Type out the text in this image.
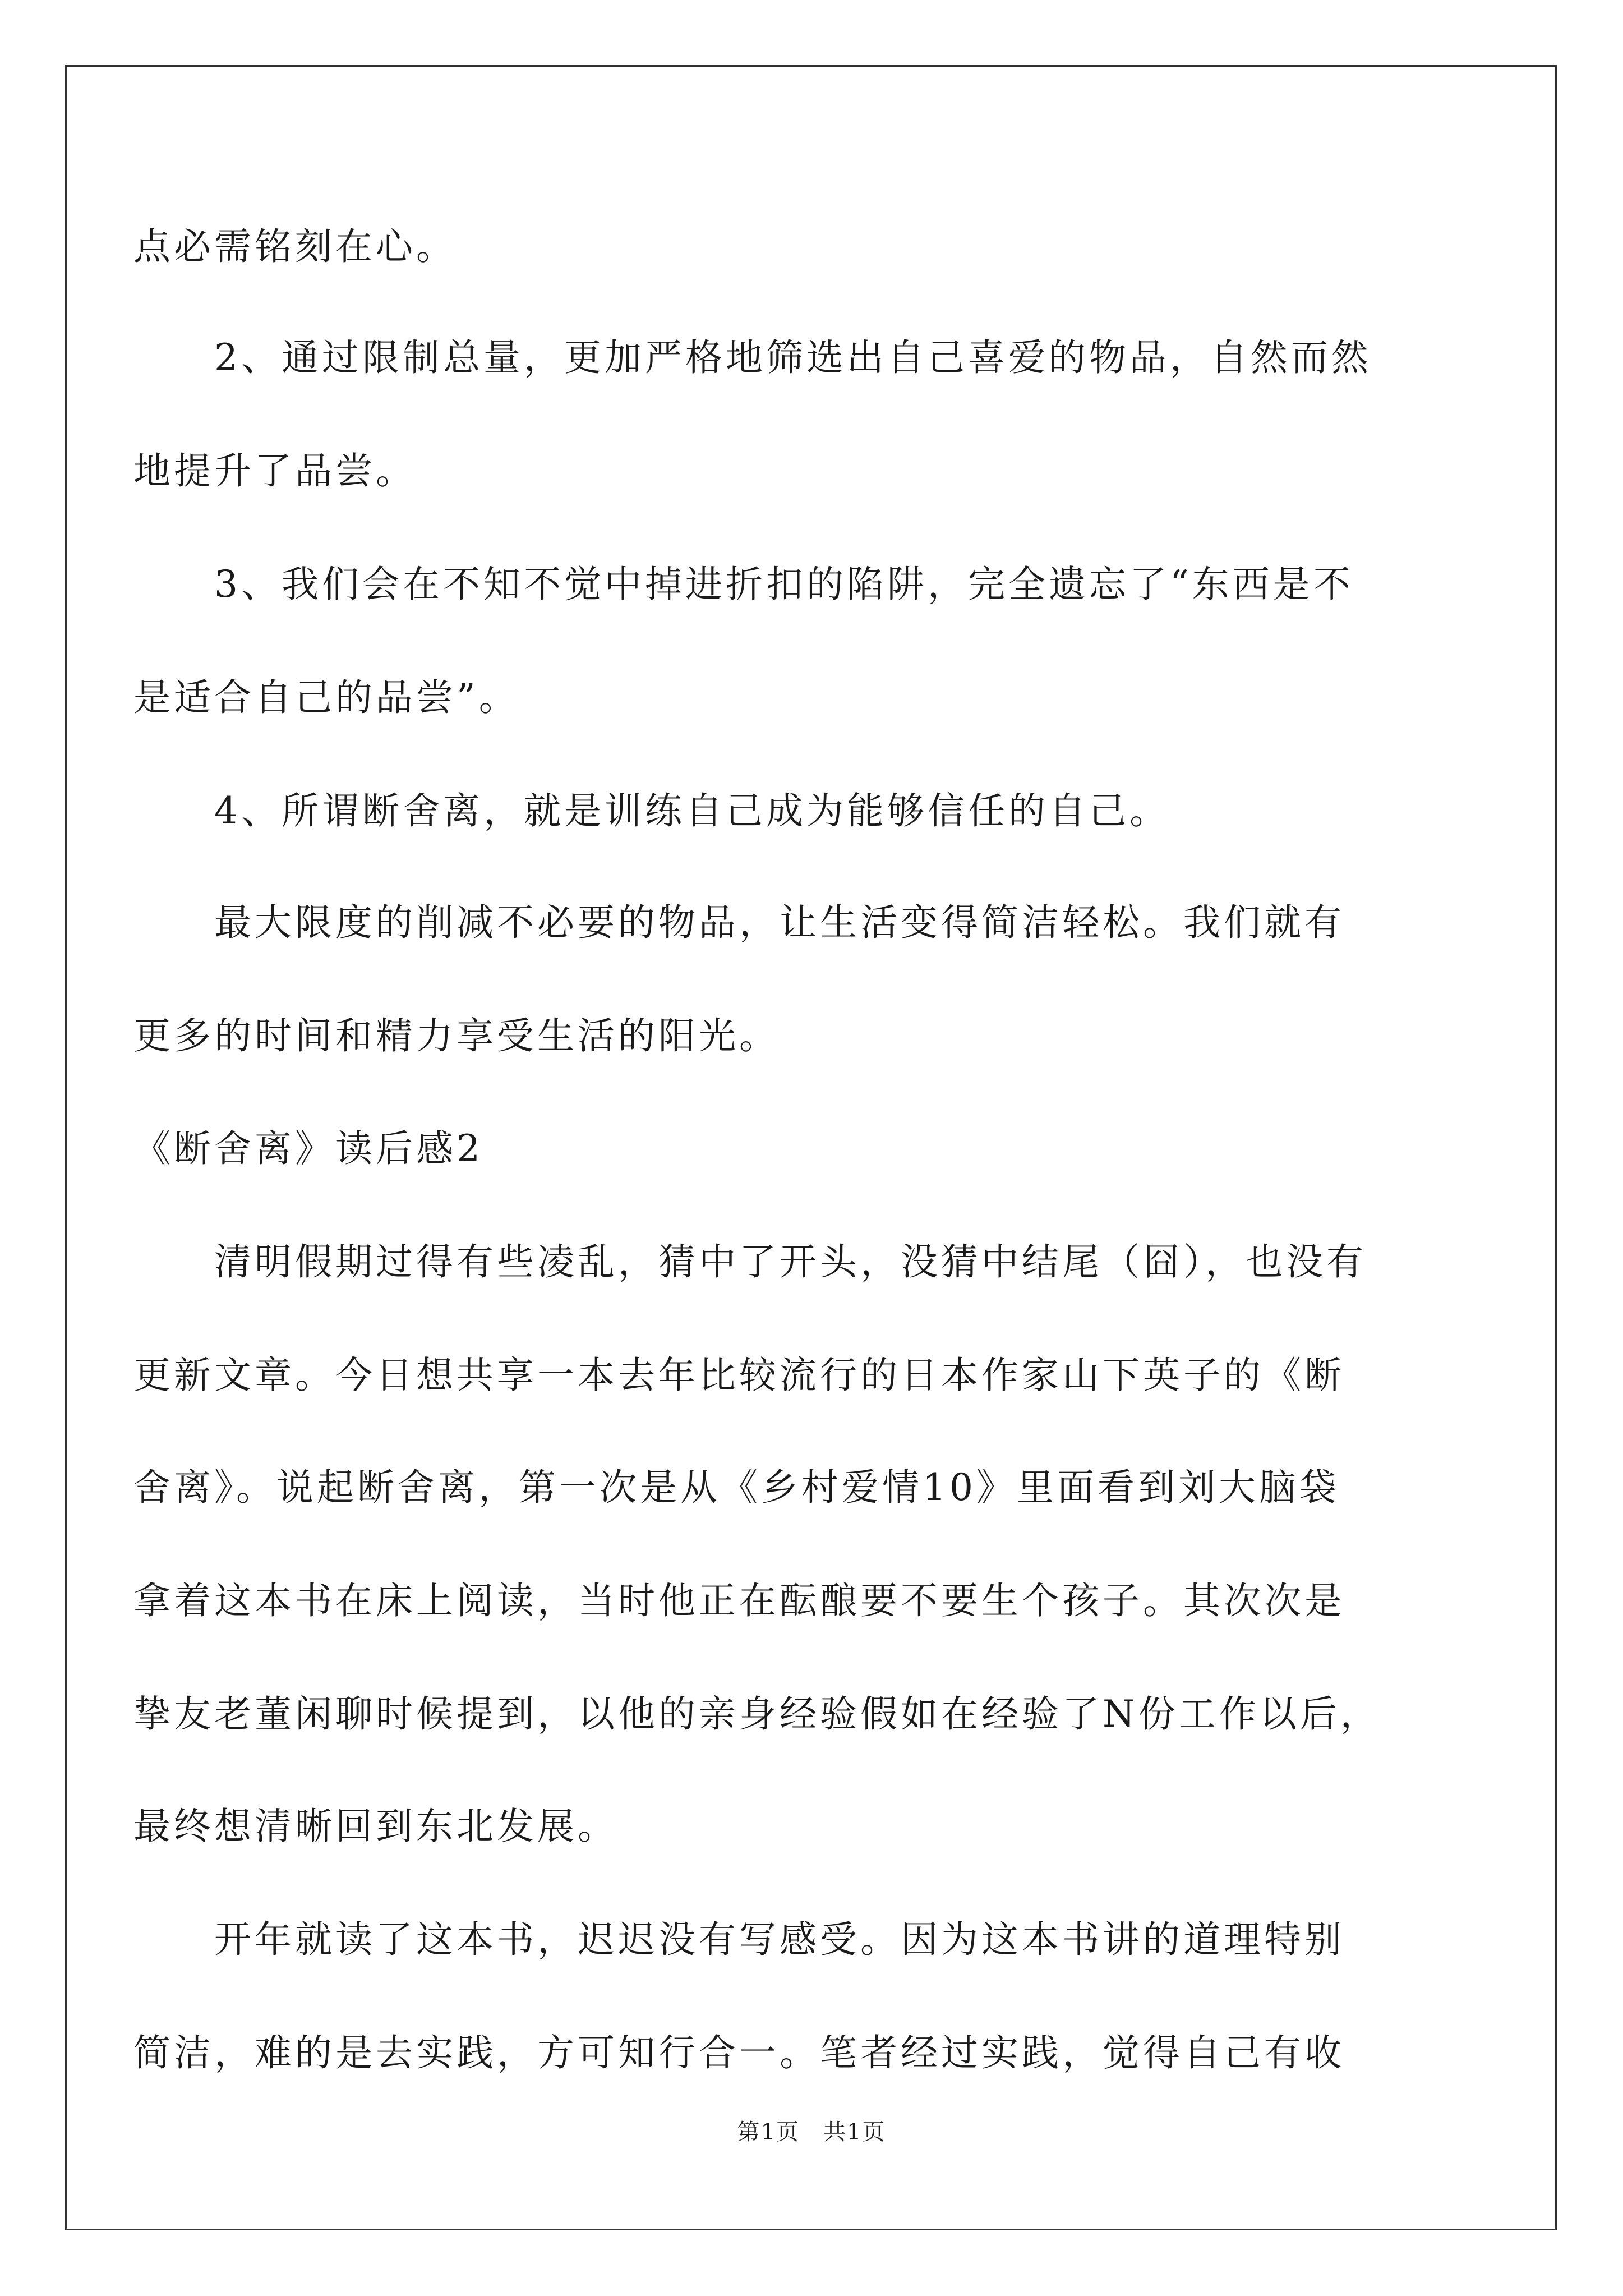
点必需铭刻在心。
　　2、通过限制总量，更加严格地筛选出自己喜爱的物品，自然而然
地提升了品尝。
　　3、我们会在不知不觉中掉进折扣的陷阱，完全遗忘了“东西是不
是适合自己的品尝”。
　　4、所谓断舍离，就是训练自己成为能够信任的自己。
　　最大限度的削减不必要的物品，让生活变得简洁轻松。我们就有
更多的时间和精力享受生活的阳光。
《断舍离》读后感2
　　清明假期过得有些凌乱，猜中了开头，没猜中结尾（囧），也没有
更新文章。今日想共享一本去年比较流行的日本作家山下英子的《断
舍离》。说起断舍离，第一次是从《乡村爱情10》里面看到刘大脑袋
拿着这本书在床上阅读，当时他正在酝酿要不要生个孩子。其次次是
挚友老董闲聊时候提到，以他的亲身经验假如在经验了N份工作以后，
最终想清晰回到东北发展。
　　开年就读了这本书，迟迟没有写感受。因为这本书讲的道理特别
简洁，难的是去实践，方可知行合一。笔者经过实践，觉得自己有收
第1页　共1页
